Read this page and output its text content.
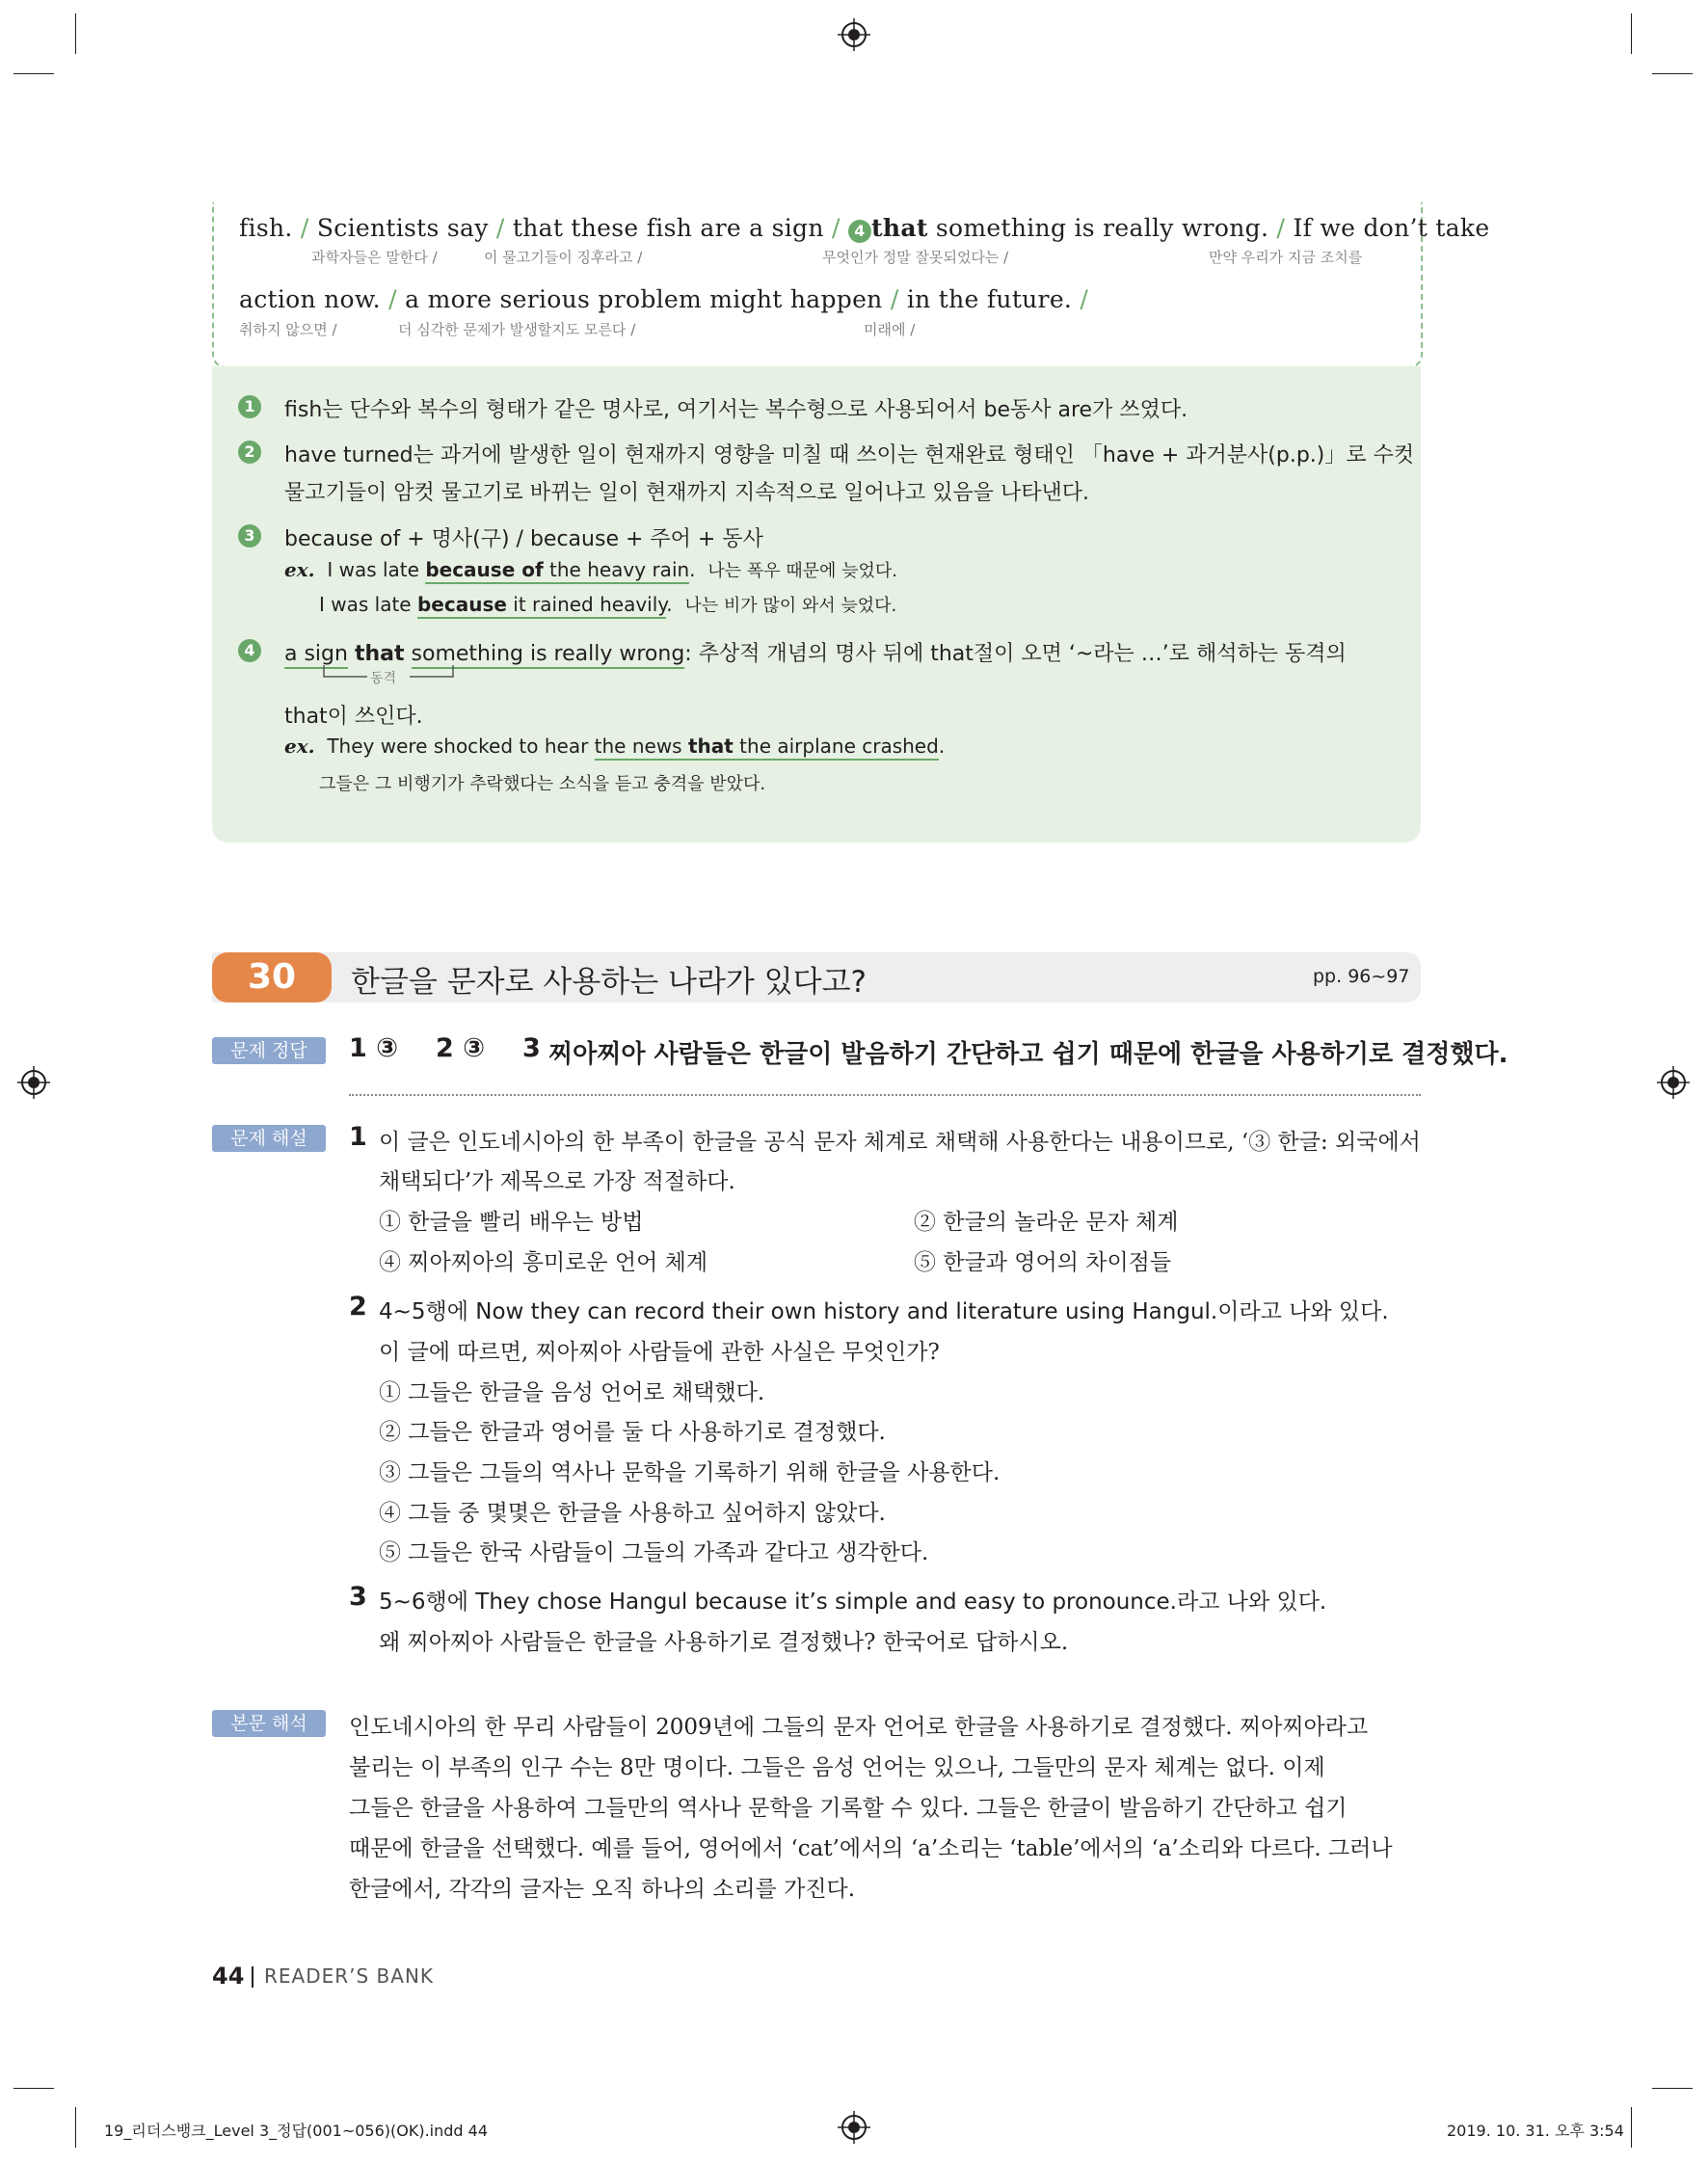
fish. / Scientists say / that these fish are a sign / 4 that something is really wrong. / If we don’t take
과학자들은 말한다 /	이 물고기들이 징후라고 /	무엇인가 정말 잘못되었다는 /	만약 우리가 지금 조치를
action now. / a more serious problem might happen / in the future. /
취하지 않으면 /	더 심각한 문제가 발생할지도 모른다 /	미래에 /
1 fish는 단수와 복수의 형태가 같은 명사로, 여기서는 복수형으로 사용되어서 be동사 are가 쓰였다.
2 have turned는 과거에 발생한 일이 현재까지 영향을 미칠 때 쓰이는 현재완료 형태인 「have + 과거분사(p.p.)」로 수컷
물고기들이 암컷 물고기로 바뀌는 일이 현재까지 지속적으로 일어나고 있음을 나타낸다.
3 because of + 명사(구) / because + 주어 + 동사
ex. I was late because of the heavy rain. 나는 폭우 때문에 늦었다.
I was late because it rained heavily. 나는 비가 많이 와서 늦었다.
4 a sign that something is really wrong: 추상적 개념의 명사 뒤에 that절이 오면 ‘~라는 …’로 해석하는 동격의
동격
that이 쓰인다.
ex. They were shocked to hear the news that the airplane crashed.
그들은 그 비행기가 추락했다는 소식을 듣고 충격을 받았다.
30	한글을 문자로 사용하는 나라가 있다고?	pp. 96~97
문제 정답	1 ③ 2 ③ 3 찌아찌아 사람들은 한글이 발음하기 간단하고 쉽기 때문에 한글을 사용하기로 결정했다.
문제 해설	1 이 글은 인도네시아의 한 부족이 한글을 공식 문자 체계로 채택해 사용한다는 내용이므로, ‘③ 한글: 외국에서
채택되다’가 제목으로 가장 적절하다.
① 한글을 빨리 배우는 방법	② 한글의 놀라운 문자 체계
④ 찌아찌아의 흥미로운 언어 체계	⑤ 한글과 영어의 차이점들
2 4~5행에 Now they can record their own history and literature using Hangul.이라고 나와 있다.
이 글에 따르면, 찌아찌아 사람들에 관한 사실은 무엇인가?
① 그들은 한글을 음성 언어로 채택했다.
② 그들은 한글과 영어를 둘 다 사용하기로 결정했다.
③ 그들은 그들의 역사나 문학을 기록하기 위해 한글을 사용한다.
④ 그들 중 몇몇은 한글을 사용하고 싶어하지 않았다.
⑤ 그들은 한국 사람들이 그들의 가족과 같다고 생각한다.
3 5~6행에 They chose Hangul because it’s simple and easy to pronounce.라고 나와 있다.
왜 찌아찌아 사람들은 한글을 사용하기로 결정했나? 한국어로 답하시오.
본문 해석	인도네시아의 한 무리 사람들이 2009년에 그들의 문자 언어로 한글을 사용하기로 결정했다. 찌아찌아라고
불리는 이 부족의 인구 수는 8만 명이다. 그들은 음성 언어는 있으나, 그들만의 문자 체계는 없다. 이제
그들은 한글을 사용하여 그들만의 역사나 문학을 기록할 수 있다. 그들은 한글이 발음하기 간단하고 쉽기
때문에 한글을 선택했다. 예를 들어, 영어에서 ‘cat’에서의 ‘a’소리는 ‘table’에서의 ‘a’소리와 다르다. 그러나
한글에서, 각각의 글자는 오직 하나의 소리를 가진다.
44 READER’S BANK
19_리더스뱅크_Level 3_정답(001~056)(OK).indd 44	2019. 10. 31. 오후 3:54
